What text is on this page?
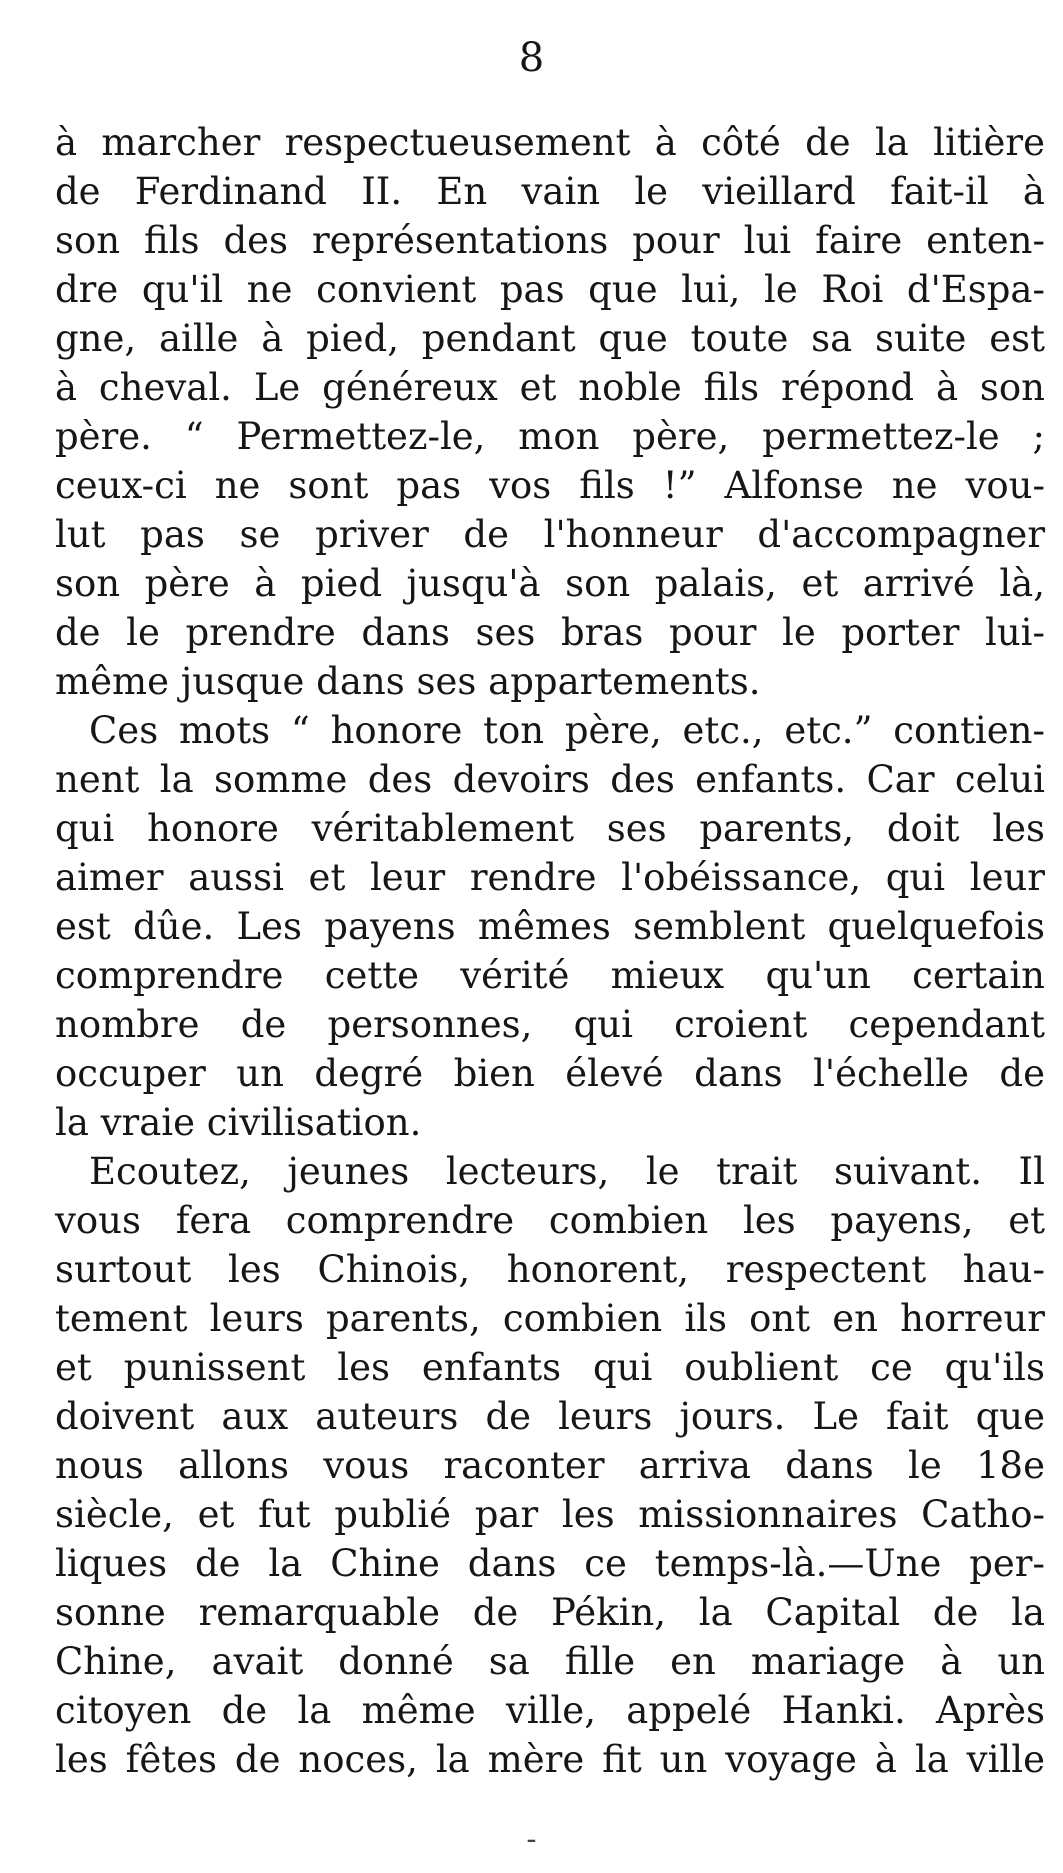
8
à marcher respectueusement à côté de la litière
de Ferdinand II. En vain le vieillard fait-il à
son fils des représentations pour lui faire enten-
dre qu'il ne convient pas que lui, le Roi d'Espa-
gne, aille à pied, pendant que toute sa suite est
à cheval. Le généreux et noble fils répond à son
père. “ Permettez-le, mon père, permettez-le ;
ceux-ci ne sont pas vos fils !” Alfonse ne vou-
lut pas se priver de l'honneur d'accompagner
son père à pied jusqu'à son palais, et arrivé là,
de le prendre dans ses bras pour le porter lui-
même jusque dans ses appartements.
Ces mots “ honore ton père, etc., etc.” contien-
nent la somme des devoirs des enfants. Car celui
qui honore véritablement ses parents, doit les
aimer aussi et leur rendre l'obéissance, qui leur
est dûe. Les payens mêmes semblent quelquefois
comprendre cette vérité mieux qu'un certain
nombre de personnes, qui croient cependant
occuper un degré bien élevé dans l'échelle de
la vraie civilisation.
Ecoutez, jeunes lecteurs, le trait suivant. Il
vous fera comprendre combien les payens, et
surtout les Chinois, honorent, respectent hau-
tement leurs parents, combien ils ont en horreur
et punissent les enfants qui oublient ce qu'ils
doivent aux auteurs de leurs jours. Le fait que
nous allons vous raconter arriva dans le 18e
siècle, et fut publié par les missionnaires Catho-
liques de la Chine dans ce temps-là.—Une per-
sonne remarquable de Pékin, la Capital de la
Chine, avait donné sa fille en mariage à un
citoyen de la même ville, appelé Hanki. Après
les fêtes de noces, la mère fit un voyage à la ville
-
